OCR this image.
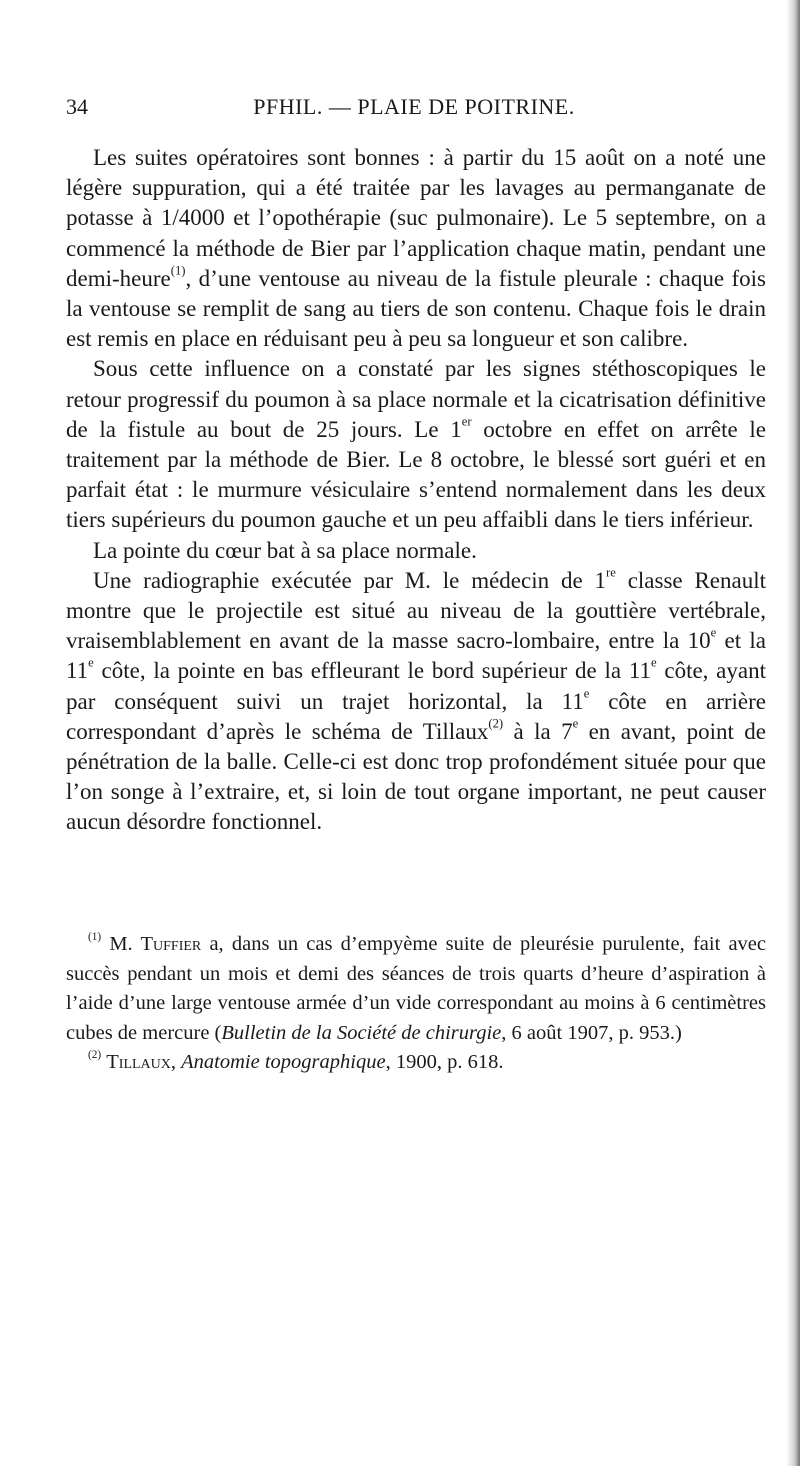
34	PFHIL. — PLAIE DE POITRINE.

Les suites opératoires sont bonnes : à partir du 15 août on a noté une légère suppuration, qui a été traitée par les lavages au permanganate de potasse à 1/4000 et l’opothérapie (suc pulmonaire). Le 5 septembre, on a commencé la méthode de Bier par l’application chaque matin, pendant une demi-heure$^{(1)}$, d’une ventouse au niveau de la fistule pleurale : chaque fois la ventouse se remplit de sang au tiers de son contenu. Chaque fois le drain est remis en place en réduisant peu à peu sa longueur et son calibre.

Sous cette influence on a constaté par les signes stéthoscopiques le retour progressif du poumon à sa place normale et la cicatrisation définitive de la fistule au bout de 25 jours. Le 1er octobre en effet on arrête le traitement par la méthode de Bier. Le 8 octobre, le blessé sort guéri et en parfait état : le murmure vésiculaire s’entend normalement dans les deux tiers supérieurs du poumon gauche et un peu affaibli dans le tiers inférieur.

La pointe du cœur bat à sa place normale.

Une radiographie exécutée par M. le médecin de 1re classe Renault montre que le projectile est situé au niveau de la gouttière vertébrale, vraisemblablement en avant de la masse sacro-lombaire, entre la 10e et la 11e côte, la pointe en bas effleurant le bord supérieur de la 11e côte, ayant par conséquent suivi un trajet horizontal, la 11e côte en arrière correspondant d’après le schéma de Tillaux$^{(2)}$ à la 7e en avant, point de pénétration de la balle. Celle-ci est donc trop profondément située pour que l’on songe à l’extraire, et, si loin de tout organe important, ne peut causer aucun désordre fonctionnel.

$^{(1)}$ M. Tuffier a, dans un cas d’empyème suite de pleurésie purulente, fait avec succès pendant un mois et demi des séances de trois quarts d’heure d’aspiration à l’aide d’une large ventouse armée d’un vide correspondant au moins à 6 centimètres cubes de mercure (Bulletin de la Société de chirurgie, 6 août 1907, p. 953.)

$^{(2)}$ Tillaux, Anatomie topographique, 1900, p. 618.
